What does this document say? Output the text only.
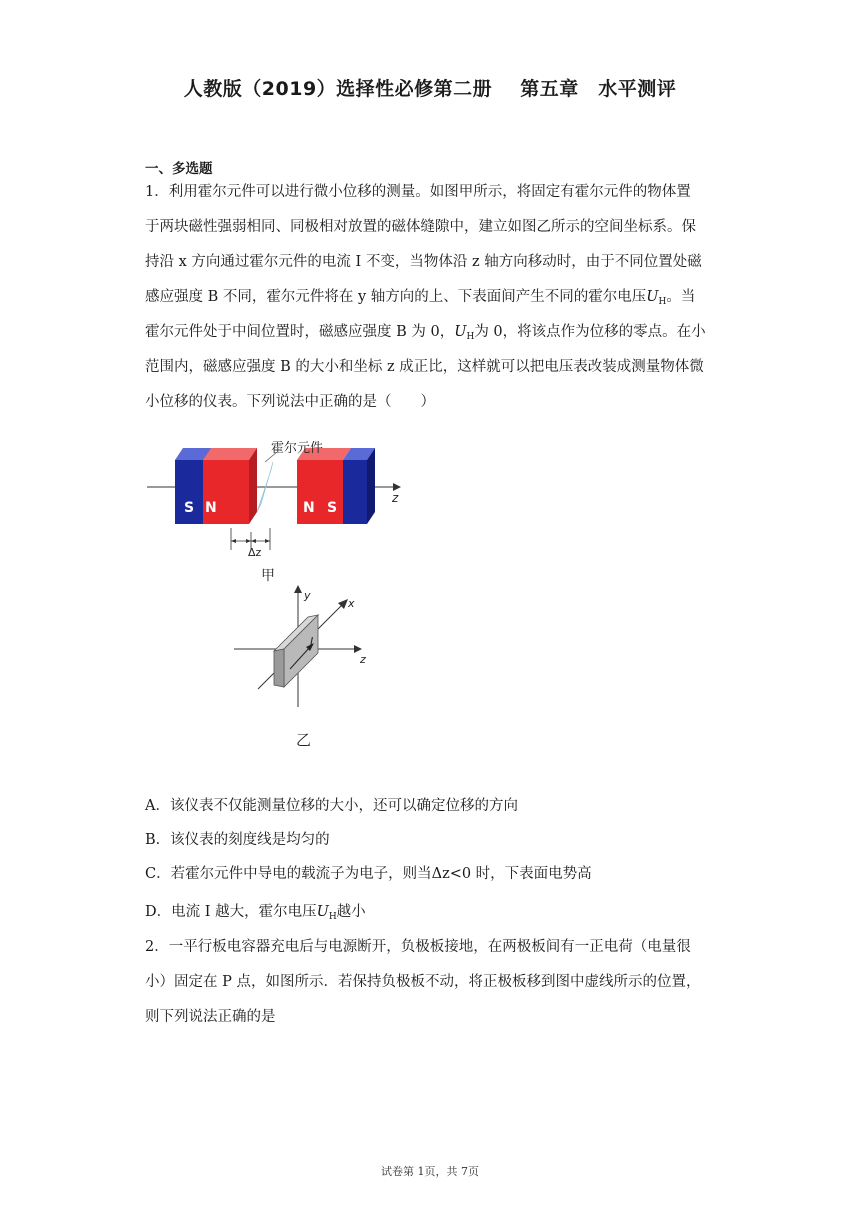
人教版（2019）选择性必修第二册 第五章　水平测评
一、多选题
1．利用霍尔元件可以进行微小位移的测量。如图甲所示，将固定有霍尔元件的物体置
于两块磁性强弱相同、同极相对放置的磁体缝隙中，建立如图乙所示的空间坐标系。保
持沿 x 方向通过霍尔元件的电流 I 不变，当物体沿 z 轴方向移动时，由于不同位置处磁
感应强度 B 不同，霍尔元件将在 y 轴方向的上、下表面间产生不同的霍尔电压$U_H$。当
霍尔元件处于中间位置时，磁感应强度 B 为 0，$U_H$为 0，将该点作为位移的零点。在小
范围内，磁感应强度 B 的大小和坐标 z 成正比，这样就可以把电压表改装成测量物体微
小位移的仪表。下列说法中正确的是（　　）
S N	N S
霍尔元件
z
Δz
甲
y
z
x
I
乙
A．该仪表不仅能测量位移的大小，还可以确定位移的方向
B．该仪表的刻度线是均匀的
C．若霍尔元件中导电的载流子为电子，则当Δz<0 时，下表面电势高
D．电流 I 越大，霍尔电压$U_H$越小
2．一平行板电容器充电后与电源断开，负极板接地，在两极板间有一正电荷（电量很
小）固定在 P 点，如图所示．若保持负极板不动，将正极板移到图中虚线所示的位置，
则下列说法正确的是
试卷第 1页，共 7页
